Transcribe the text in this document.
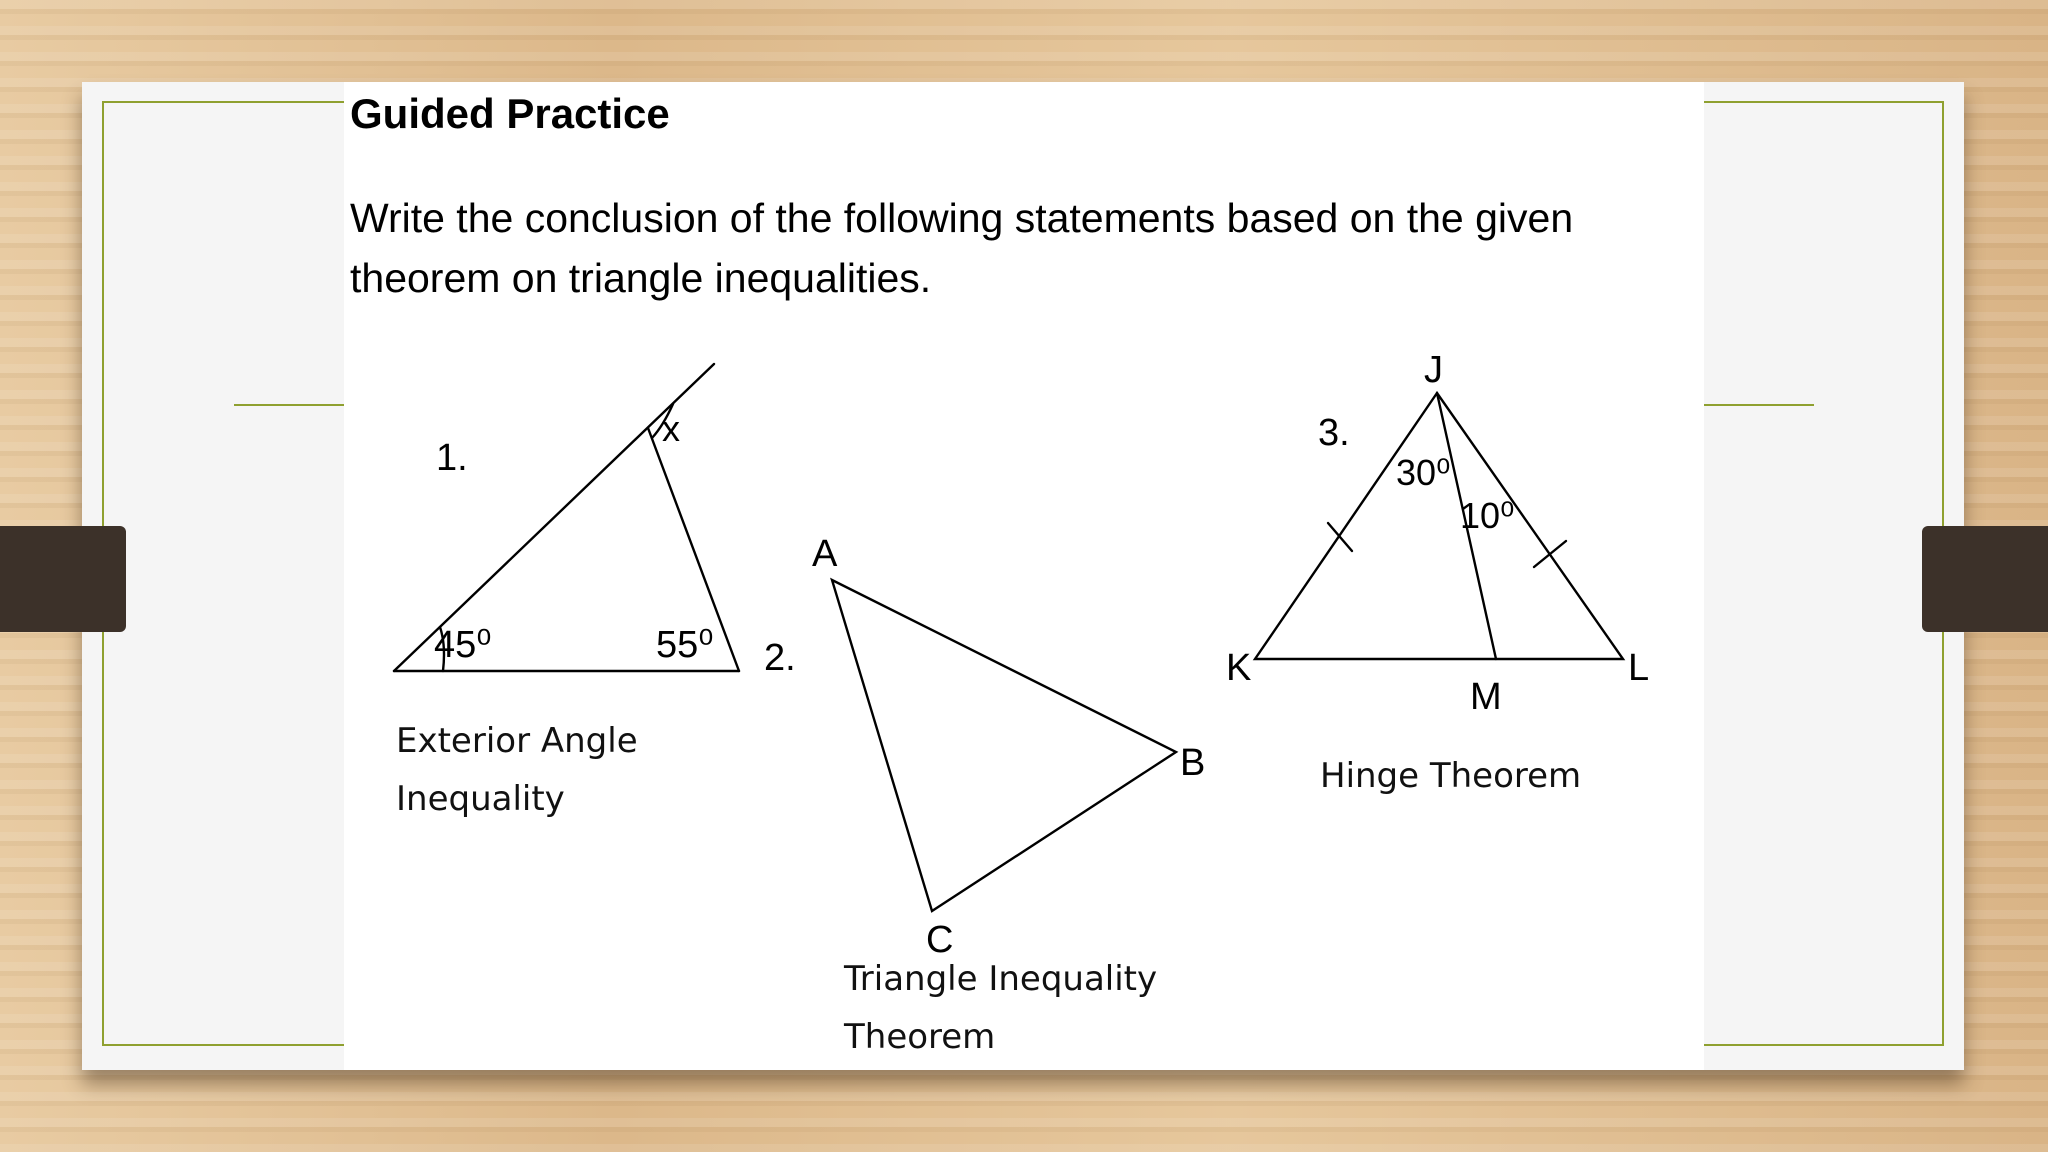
Guided Practice
Write the conclusion of the following statements based on the given theorem on triangle inequalities.
1.
x
45⁰	55⁰ 2.
A
B
C
3.
J
K	L
M
30⁰
10⁰
Exterior Angle
Inequality
Triangle Inequality
Theorem
Hinge Theorem
